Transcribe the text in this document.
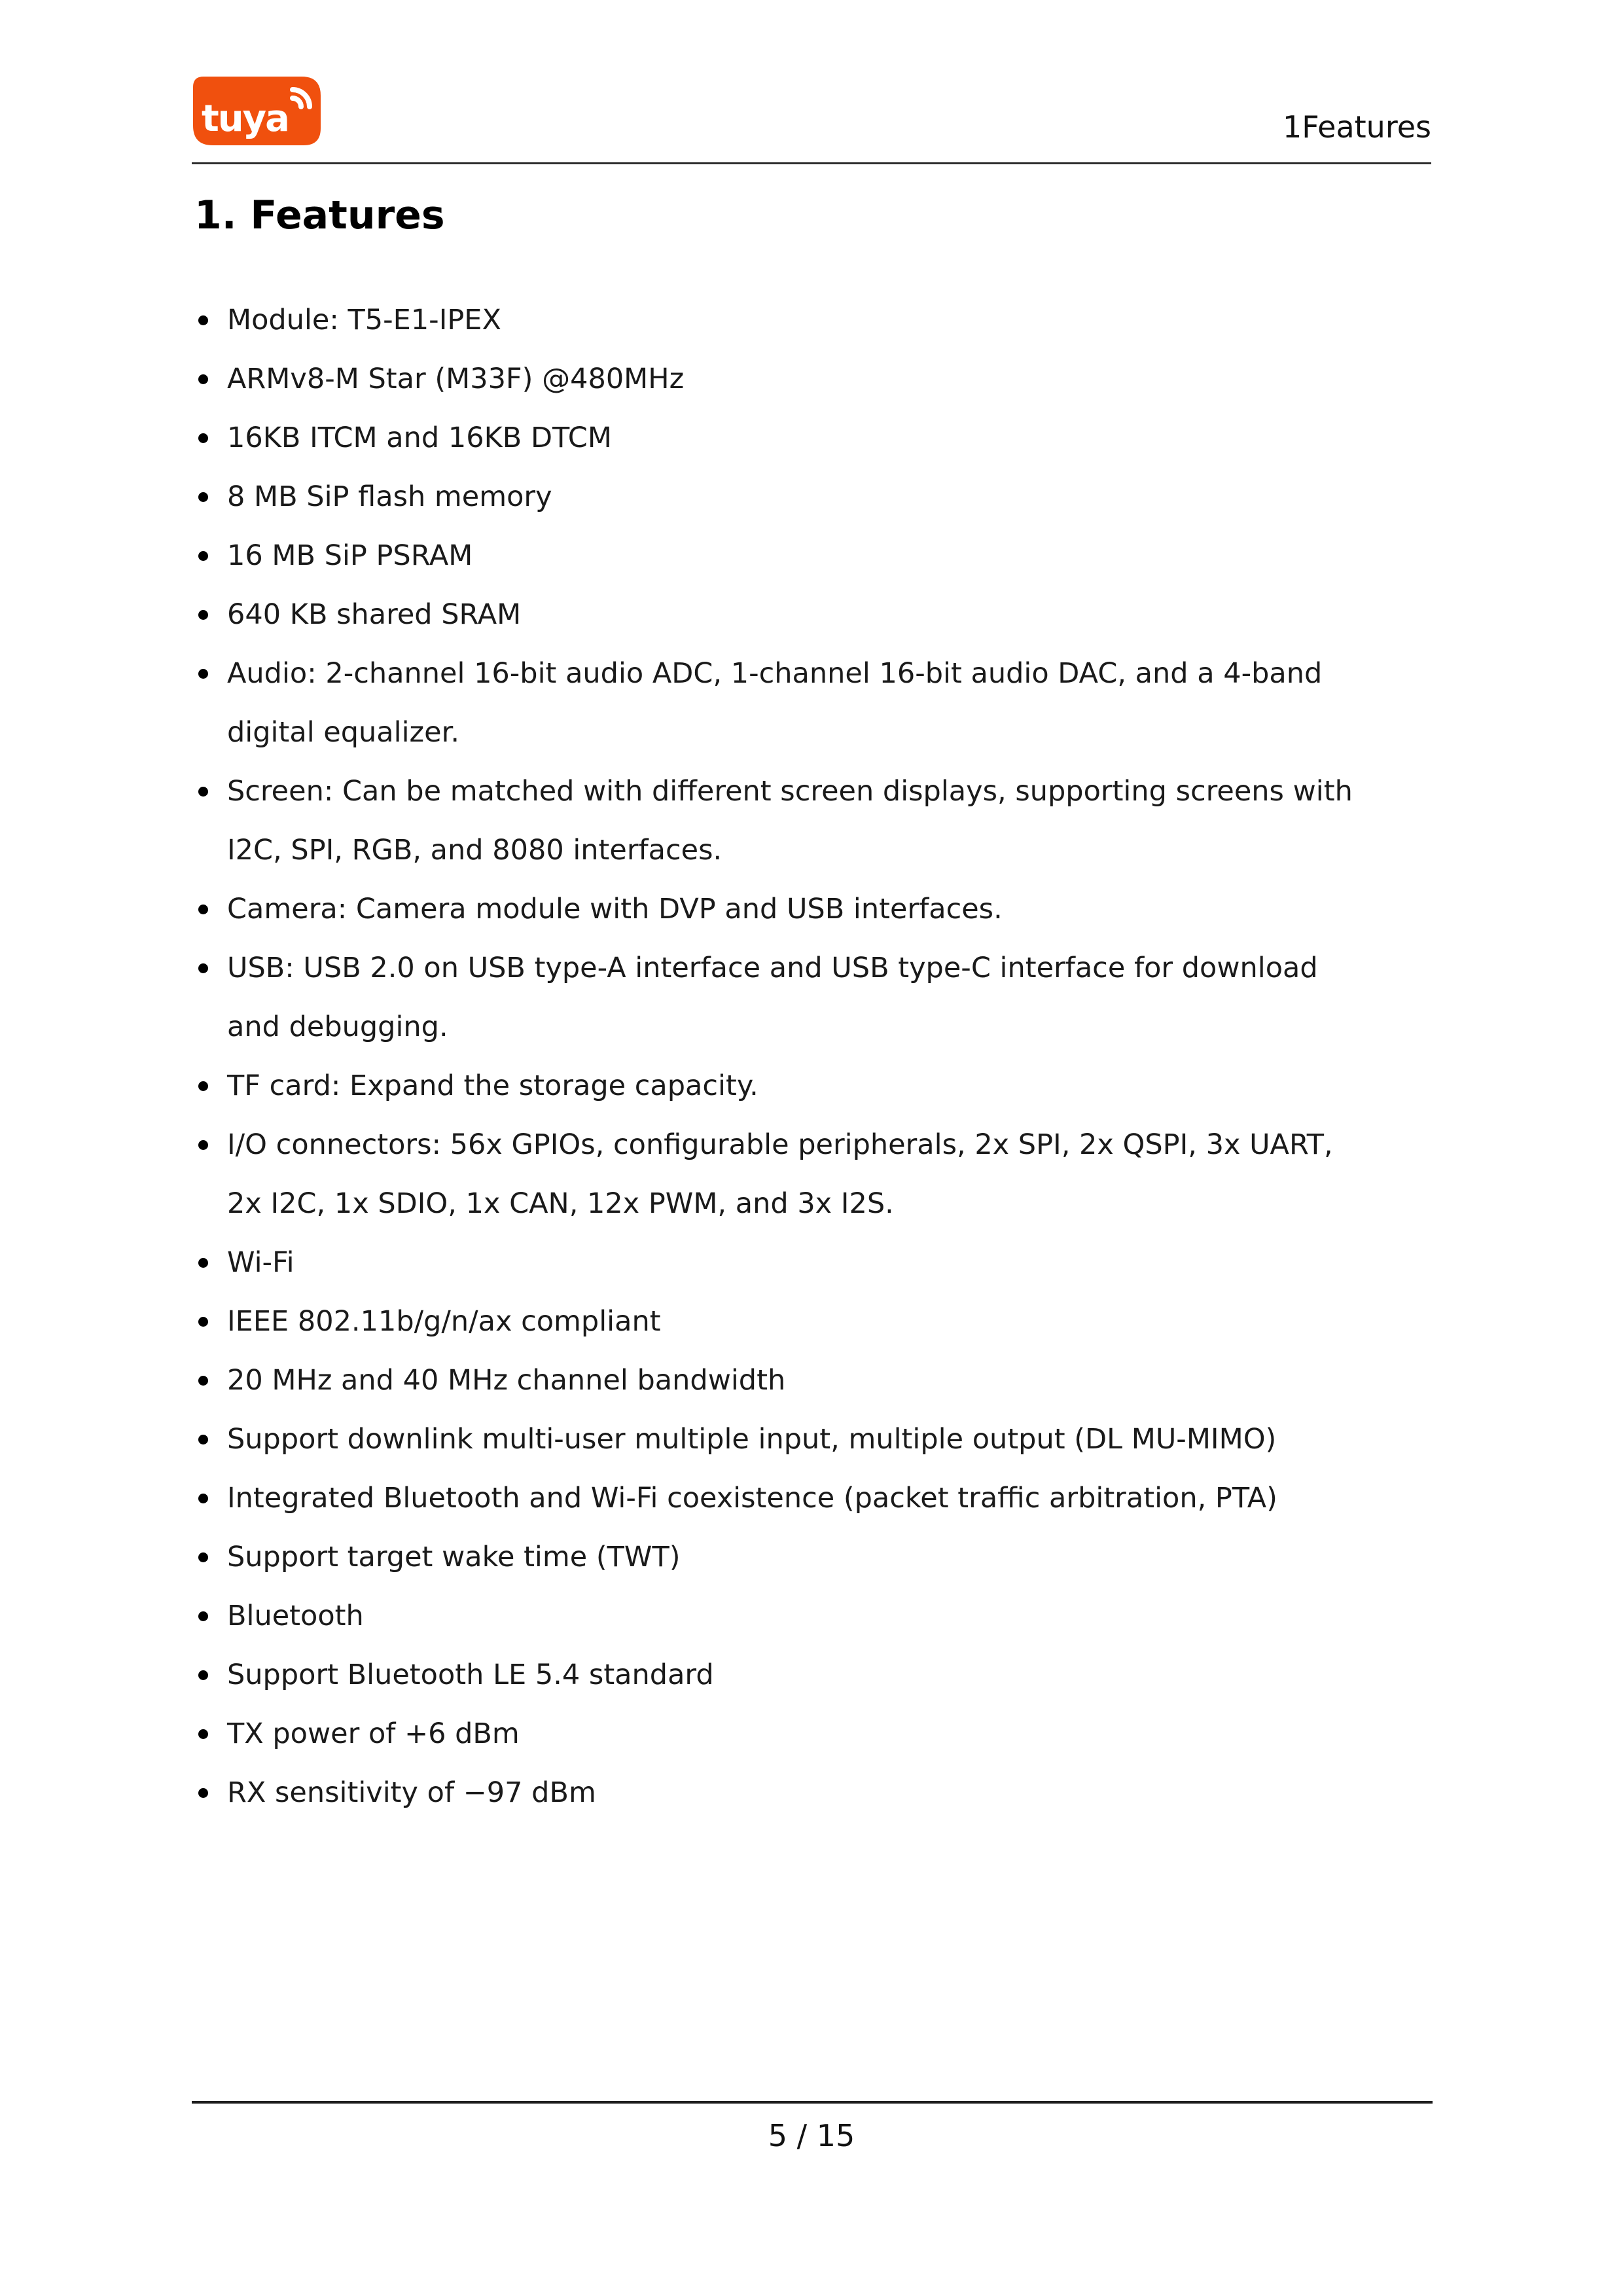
tuya	1Features
1. Features
Module: T5-E1-IPEX
ARMv8-M Star (M33F) @480MHz
16KB ITCM and 16KB DTCM
8 MB SiP flash memory
16 MB SiP PSRAM
640 KB shared SRAM
Audio: 2-channel 16-bit audio ADC, 1-channel 16-bit audio DAC, and a 4-band
digital equalizer.
Screen: Can be matched with different screen displays, supporting screens with
I2C, SPI, RGB, and 8080 interfaces.
Camera: Camera module with DVP and USB interfaces.
USB: USB 2.0 on USB type-A interface and USB type-C interface for download
and debugging.
TF card: Expand the storage capacity.
I/O connectors: 56x GPIOs, configurable peripherals, 2x SPI, 2x QSPI, 3x UART,
2x I2C, 1x SDIO, 1x CAN, 12x PWM, and 3x I2S.
Wi-Fi
IEEE 802.11b/g/n/ax compliant
20 MHz and 40 MHz channel bandwidth
Support downlink multi-user multiple input, multiple output (DL MU-MIMO)
Integrated Bluetooth and Wi-Fi coexistence (packet traffic arbitration, PTA)
Support target wake time (TWT)
Bluetooth
Support Bluetooth LE 5.4 standard
TX power of +6 dBm
RX sensitivity of −97 dBm
5 / 15
